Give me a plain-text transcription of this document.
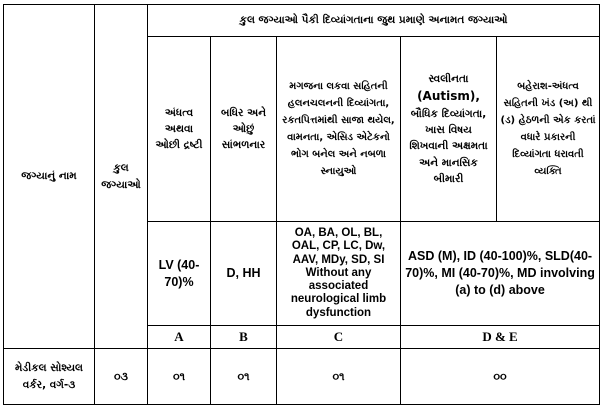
જગ્યાનું નામ	કુલ જગ્યાઓ	કુલ જગ્યાઓ પૈકી દિવ્યાંગતાના જુથ પ્રમાણે અનામત જગ્યાઓ				
		અંધત્વ અથવા ઓછી દ્રષ્ટી	બધિર અને ઓછું સાંભળનાર	મગજના લકવા સહિતની હલનચલનની દિવ્યાંગતા, રકતપિત્તમાંથી સાજા થયેલ, વામનતા, એસિડ એટેકનો ભોગ બનેલ અને નબળા સ્નાયુઓ	સ્વલીનતા
(Autism),
બૌધિક દિવ્યાંગતા, ખાસ વિષય શિખવાની અક્ષમતા અને માનસિક બીમારી	બહેરાશ-અંધત્વ સહિતની ખંડ (અ) થી (ડ) હેઠળની એક કરતાં વધારે પ્રકારની દિવ્યાંગતા ધરાવતી વ્યક્તિ
		LV (40-70)%	D, HH	OA, BA, OL, BL, OAL, CP, LC, Dw, AAV, MDy, SD, SI Without any associated neurological limb dysfunction	ASD (M), ID (40-100)%, SLD(40-70)%, MI (40-70)%, MD involving (a) to (d) above	
		A	B	C	D & E	
મેડીકલ સોશ્યલ વર્કર, વર્ગ-૩	૦૩	૦૧	૦૧	૦૧	૦૦	
